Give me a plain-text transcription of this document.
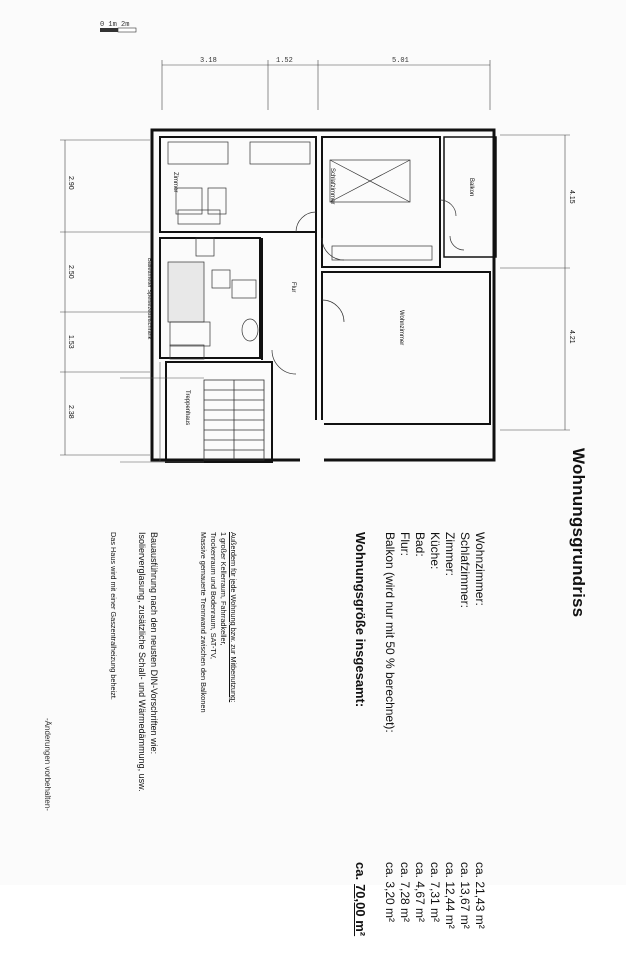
0 1m 2m
3.18	1.52	5.01
Zimmer	Schlafzimmer
Wohnzimmer
Balkon
Flur
Treppenhaus
Ballettmeter Speisezettelschrank
2.90
2.50
1.53
2.38
4.15
4.21
Wohnungsgrundriss
Wohnzimmer:
ca. 21,43 m²
Schlafzimmer:
ca. 13,67 m²
Zimmer:
ca. 12,44 m²
Küche:
ca. 7,31 m²
Bad:
ca. 4,67 m²
Flur:
ca. 7,28 m²
Balkon (wird nur mit 50 % berechnet):
ca. 3,20 m²
Wohnungsgröße insgesamt:
ca.
70,00 m²
Außerdem für jede Wohnung bzw. zur Mitbenutzung:
1 großer Kellerraum, Fahrradkeller,
Trockenraum und Bodenraum, SAT-TV,
Massive gemauerte Trennwand zwischen den Balkonen
Bauausführung nach den neusten DIN-Vorschriften wie:
Isolierverglasung, zusätzliche Schall- und Wärmedämmung, usw.
Das Haus wird mit einer Gaszentralheizung beheizt.
-Änderungen vorbehalten-
